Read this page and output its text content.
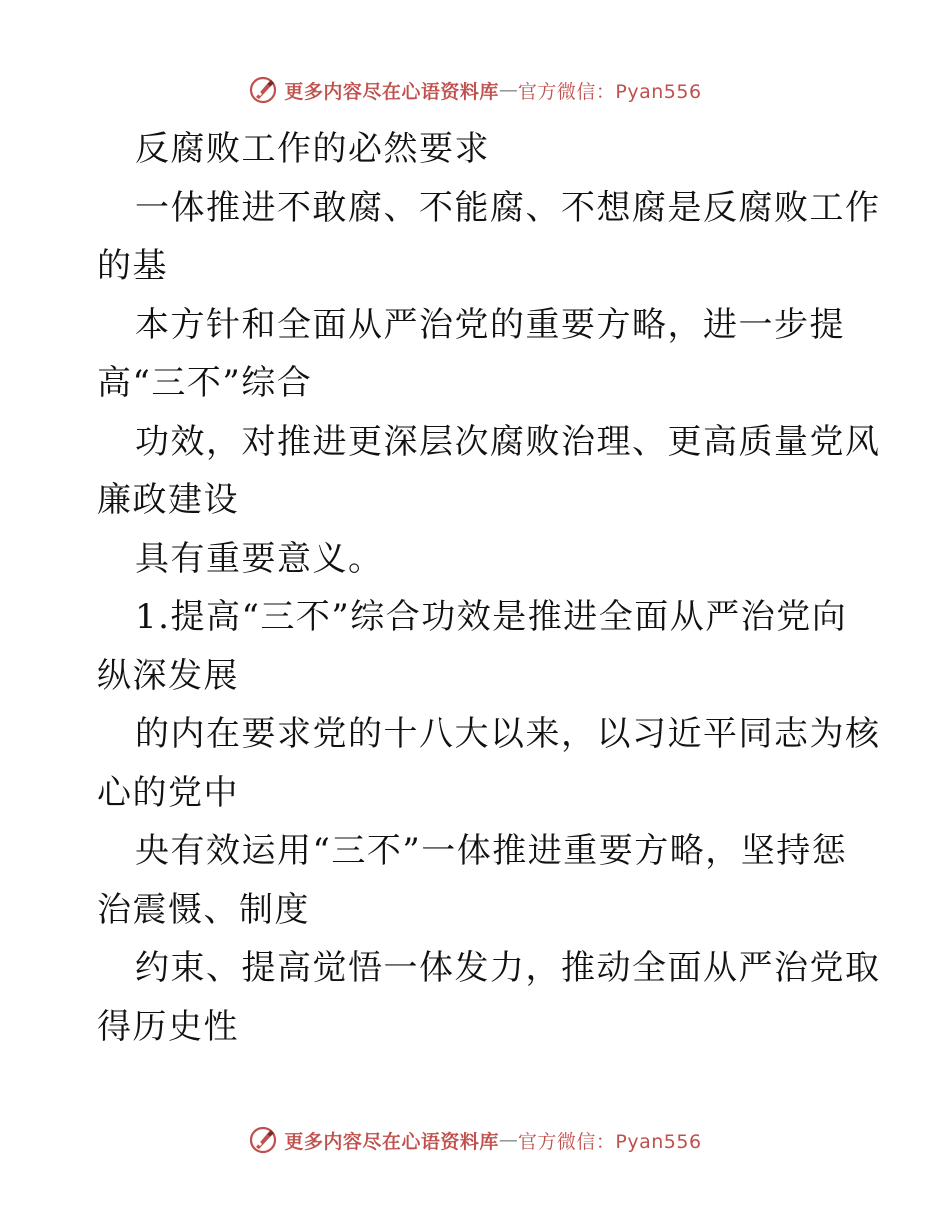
更多内容尽在心语资料库 — 官方微信：Pyan556
反腐败工作的必然要求
一体推进不敢腐、不能腐、不想腐是反腐败工作
的基
本方针和全面从严治党的重要方略，进一步提
高“三不”综合
功效，对推进更深层次腐败治理、更高质量党风
廉政建设
具有重要意义。
1.提高“三不”综合功效是推进全面从严治党向
纵深发展
的内在要求党的十八大以来，以习近平同志为核
心的党中
央有效运用“三不”一体推进重要方略，坚持惩
治震慑、制度
约束、提高觉悟一体发力，推动全面从严治党取
得历史性
更多内容尽在心语资料库 — 官方微信：Pyan556
